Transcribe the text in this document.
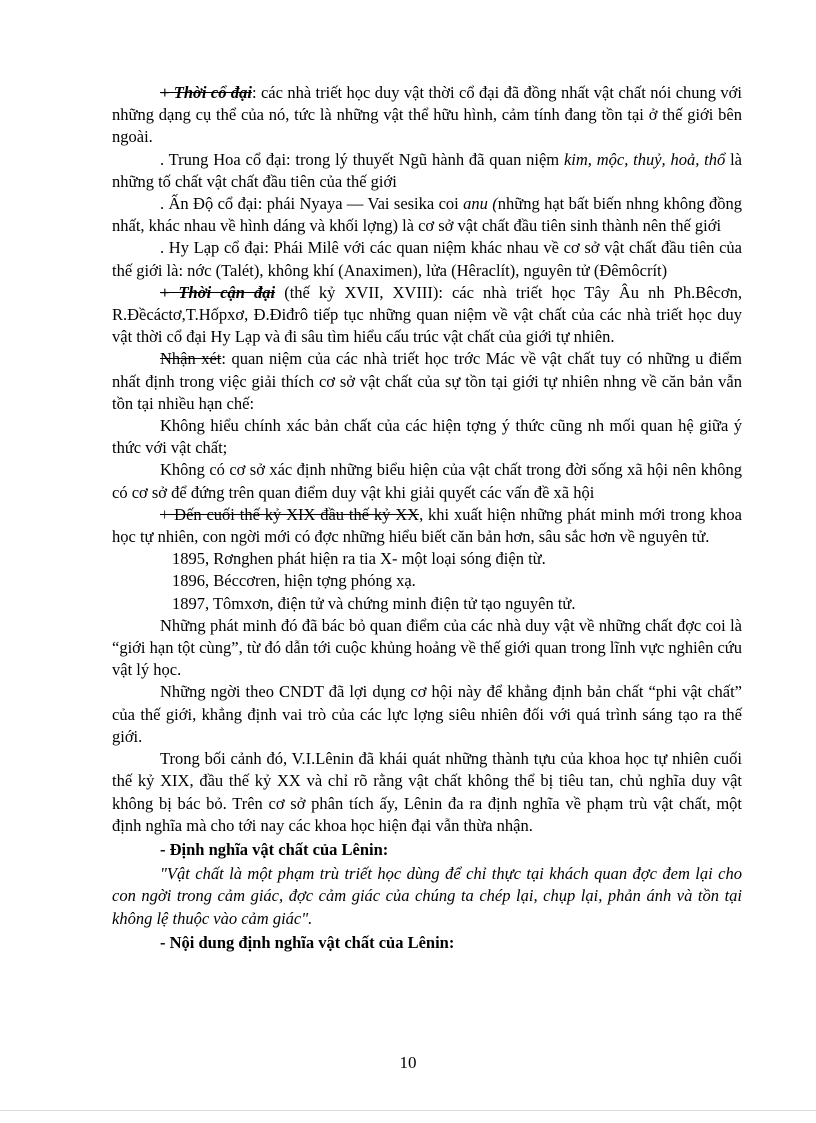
+ Thời cổ đại: các nhà triết học duy vật thời cổ đại đã đồng nhất vật chất nói chung với những dạng cụ thể của nó, tức là những vật thể hữu hình, cảm tính đang tồn tại ở thế giới bên ngoài.

. Trung Hoa cổ đại: trong lý thuyết Ngũ hành đã quan niệm kim, mộc, thuỷ, hoả, thổ là những tố chất vật chất đầu tiên của thế giới

. Ấn Độ cổ đại: phái Nyaya — Vai sesika coi anu (những hạt bất biến nhng không đồng nhất, khác nhau về hình dáng và khối lợng) là cơ sở vật chất đầu tiên sinh thành nên thế giới

. Hy Lạp cổ đại: Phái Milê với các quan niệm khác nhau về cơ sở vật chất đầu tiên của thế giới là: nớc (Talét), không khí (Anaximen), lửa (Hêraclít), nguyên tử (Đêmôcrít)

+ Thời cận đại (thế kỷ XVII, XVIII): các nhà triết học Tây Âu nh Ph.Bêcơn, R.Đềcáctơ,T.Hốpxơ, Đ.Điđrô tiếp tục những quan niệm về vật chất của các nhà triết học duy vật thời cổ đại Hy Lạp và đi sâu tìm hiểu cấu trúc vật chất của giới tự nhiên.

Nhận xét: quan niệm của các nhà triết học trớc Mác về vật chất tuy có những u điểm nhất định trong việc giải thích cơ sở vật chất của sự tồn tại giới tự nhiên nhng về căn bản vẫn tồn tại nhiều hạn chế:

Không hiểu chính xác bản chất của các hiện tợng ý thức cũng nh mối quan hệ giữa ý thức với vật chất;

Không có cơ sở xác định những biểu hiện của vật chất trong đời sống xã hội nên không có cơ sở để đứng trên quan điểm duy vật khi giải quyết các vấn đề xã hội

+ Đến cuối thế kỷ XIX đầu thế kỷ XX, khi xuất hiện những phát minh mới trong khoa học tự nhiên, con ngời mới có đợc những hiểu biết căn bản hơn, sâu sắc hơn về nguyên tử.

1895, Rơnghen phát hiện ra tia X- một loại sóng điện từ.

1896, Béccơren, hiện tợng phóng xạ.

1897, Tômxơn, điện tử và chứng minh điện tử tạo nguyên tử.

Những phát minh đó đã bác bỏ quan điểm của các nhà duy vật về những chất đợc coi là “giới hạn tột cùng”, từ đó dẫn tới cuộc khủng hoảng về thế giới quan trong lĩnh vực nghiên cứu vật lý học.

Những ngời theo CNDT đã lợi dụng cơ hội này để khẳng định bản chất “phi vật chất” của thế giới, khẳng định vai trò của các lực lợng siêu nhiên đối với quá trình sáng tạo ra thế giới.

Trong bối cảnh đó, V.I.Lênin đã khái quát những thành tựu của khoa học tự nhiên cuối thế kỷ XIX, đầu thế kỷ XX và chỉ rõ rằng vật chất không thể bị tiêu tan, chủ nghĩa duy vật không bị bác bỏ. Trên cơ sở phân tích ấy, Lênin đa ra định nghĩa về phạm trù vật chất, một định nghĩa mà cho tới nay các khoa học hiện đại vẫn thừa nhận.

- Định nghĩa vật chất của Lênin:

"Vật chất là một phạm trù triết học dùng để chỉ thực tại khách quan đợc đem lại cho con ngời trong cảm giác, đợc cảm giác của chúng ta chép lại, chụp lại, phản ánh và tồn tại không lệ thuộc vào cảm giác".

- Nội dung định nghĩa vật chất của Lênin:

10
